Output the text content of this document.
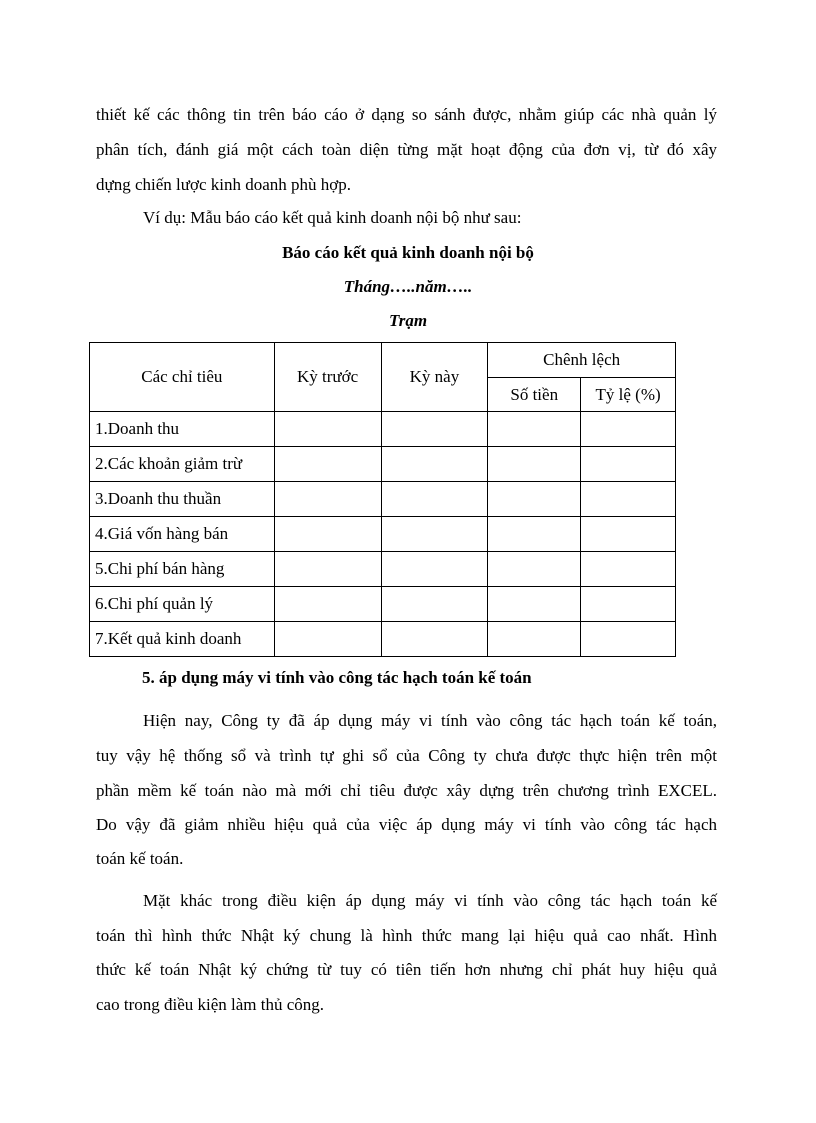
thiết kế các thông tin trên báo cáo ở dạng so sánh được, nhằm giúp các nhà quản lý
phân tích, đánh giá một cách toàn diện từng mặt hoạt động của đơn vị, từ đó xây
dựng chiến lược kinh doanh phù hợp.
Ví dụ: Mẫu báo cáo kết quả kinh doanh nội bộ như sau:
Báo cáo kết quả kinh doanh nội bộ
Tháng…..năm…..
Trạm
Các chỉ tiêu	Kỳ trước	Kỳ này	Chênh lệch	
			Số tiền	Tỷ lệ (%)
1.Doanh thu				
2.Các khoản giảm trừ				
3.Doanh thu thuần				
4.Giá vốn hàng bán				
5.Chi phí bán hàng				
6.Chi phí quản lý				
7.Kết quả kinh doanh				
5. áp dụng máy vi tính vào công tác hạch toán kế toán
Hiện nay, Công ty đã áp dụng máy vi tính vào công tác hạch toán kế toán,
tuy vậy hệ thống sổ và trình tự ghi sổ của Công ty chưa được thực hiện trên một
phần mềm kế toán nào mà mới chỉ tiêu được xây dựng trên chương trình EXCEL.
Do vậy đã giảm nhiều hiệu quả của việc áp dụng máy vi tính vào công tác hạch
toán kế toán.
Mặt khác trong điều kiện áp dụng máy vi tính vào công tác hạch toán kế
toán thì hình thức Nhật ký chung là hình thức mang lại hiệu quả cao nhất. Hình
thức kế toán Nhật ký chứng từ tuy có tiên tiến hơn nhưng chỉ phát huy hiệu quả
cao trong điều kiện làm thủ công.
